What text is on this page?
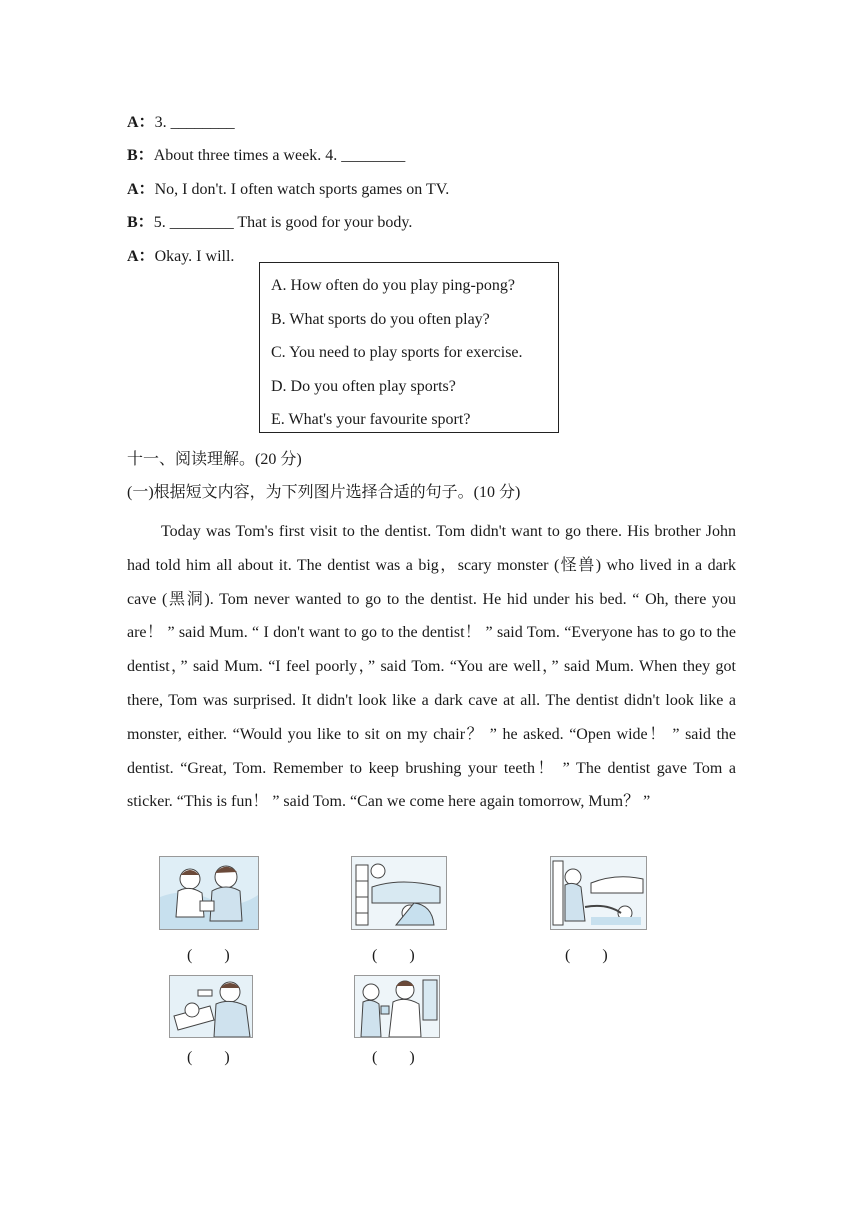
A：3. ________
B：About three times a week. 4. ________
A：No, I don't. I often watch sports games on TV.
B：5. ________ That is good for your body.
A：Okay. I will.
A. How often do you play ping-pong?
B. What sports do you often play?
C. You need to play sports for exercise.
D. Do you often play sports?
E. What's your favourite sport?
十一、阅读理解。(20 分)
(一)根据短文内容，为下列图片选择合适的句子。(10 分)
Today was Tom's first visit to the dentist. Tom didn't want to go there. His brother John had told him all about it. The dentist was a big，scary monster (怪兽) who lived in a dark cave (黑洞). Tom never wanted to go to the dentist. He hid under his bed. “ Oh, there you are！ ” said Mum. “ I don't want to go to the dentist！ ” said Tom. “Everyone has to go to the dentist，” said Mum. “I feel poorly，” said Tom. “You are well，” said Mum. When they got there, Tom was surprised. It didn't look like a dark cave at all. The dentist didn't look like a monster, either. “Would you like to sit on my chair？ ” he asked. “Open wide！ ” said the dentist. “Great, Tom. Remember to keep brushing your teeth！ ” The dentist gave Tom a sticker. “This is fun！ ” said Tom. “Can we come here again tomorrow, Mum？ ”
(        )	(        )	(        )
(        )	(        )
